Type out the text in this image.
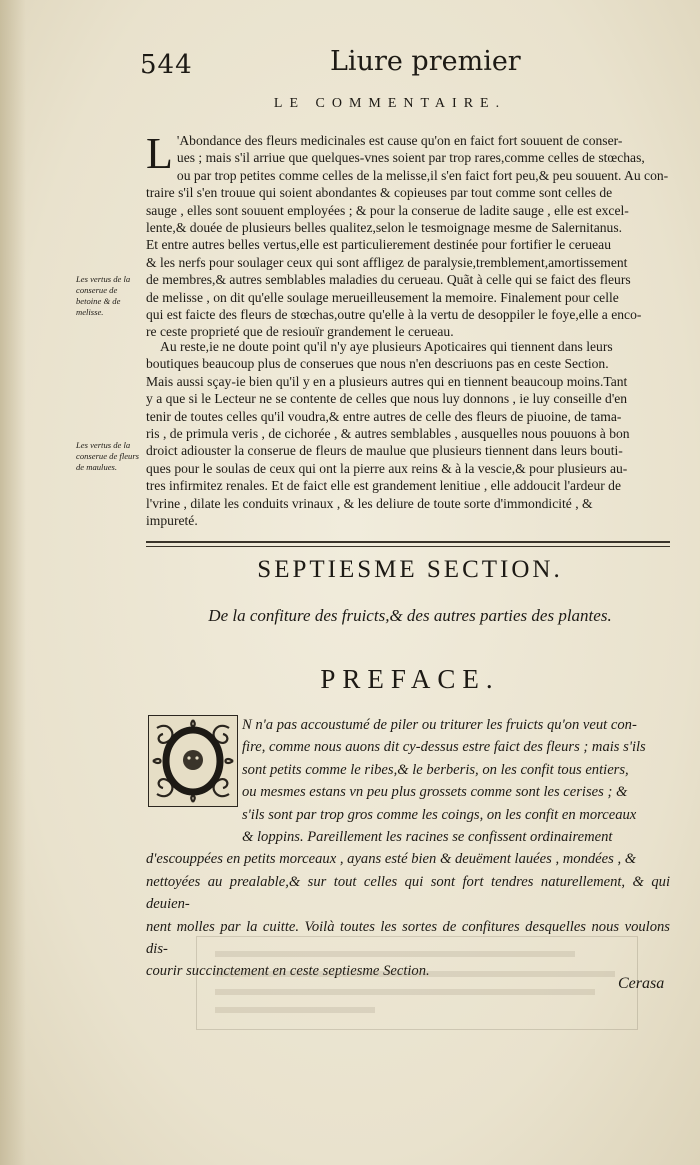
544	Liure premier
LE COMMENTAIRE.
L 'Abondance des fleurs medicinales est cause qu'on en faict fort souuent de conser-
ues ; mais s'il arriue que quelques-vnes soient par trop rares,comme celles de stœchas,
ou par trop petites comme celles de la melisse,il s'en faict fort peu,& peu souuent. Au con-
traire s'il s'en trouue qui soient abondantes & copieuses par tout comme sont celles de
sauge , elles sont souuent employées ; & pour la conserue de ladite sauge , elle est excel-
lente,& douée de plusieurs belles qualitez,selon le tesmoignage mesme de Salernitanus.
Et entre autres belles vertus,elle est particulierement destinée pour fortifier le cerueau
& les nerfs pour soulager ceux qui sont affligez de paralysie,tremblement,amortissement
de membres,& autres semblables maladies du cerueau. Quãt à celle qui se faict des fleurs
de melisse , on dit qu'elle soulage merueilleusement la memoire. Finalement pour celle
qui est faicte des fleurs de stœchas,outre qu'elle à la vertu de desoppiler le foye,elle a enco-
re ceste proprieté que de resiouïr grandement le cerueau.
Les vertus de la conserue de betoine & de melisse.
Au reste,ie ne doute point qu'il n'y aye plusieurs Apoticaires qui tiennent dans leurs
boutiques beaucoup plus de conserues que nous n'en descriuons pas en ceste Section.
Mais aussi sçay-ie bien qu'il y en a plusieurs autres qui en tiennent beaucoup moins.Tant
y a que si le Lecteur ne se contente de celles que nous luy donnons , ie luy conseille d'en
tenir de toutes celles qu'il voudra,& entre autres de celle des fleurs de piuoine, de tama-
ris , de primula veris , de cichorée , & autres semblables , ausquelles nous pouuons à bon
droict adiouster la conserue de fleurs de maulue que plusieurs tiennent dans leurs bouti-
ques pour le soulas de ceux qui ont la pierre aux reins & à la vescie,& pour plusieurs au-
tres infirmitez renales. Et de faict elle est grandement lenitiue , elle addoucit l'ardeur de
l'vrine , dilate les conduits vrinaux , & les deliure de toute sorte d'immondicité , &
impureté.
Les vertus de la conserue de fleurs de maulues.
SEPTIESME SECTION.
De la confiture des fruicts,& des autres parties des plantes.
PREFACE.
N n'a pas accoustumé de piler ou triturer les fruicts qu'on veut con-
fire, comme nous auons dit cy-dessus estre faict des fleurs ; mais s'ils
sont petits comme le ribes,& le berberis, on les confit tous entiers,
ou mesmes estans vn peu plus grossets comme sont les cerises ; &
s'ils sont par trop gros comme les coings, on les confit en morceaux
& loppins. Pareillement les racines se confissent ordinairement
d'escouppées en petits morceaux , ayans esté bien & deuëment lauées , mondées , &
nettoyées au prealable,& sur tout celles qui sont fort tendres naturellement, & qui deuien-
nent molles par la cuitte. Voilà toutes les sortes de confitures desquelles nous voulons dis-
courir succinctement en ceste septiesme Section.
Cerasa
